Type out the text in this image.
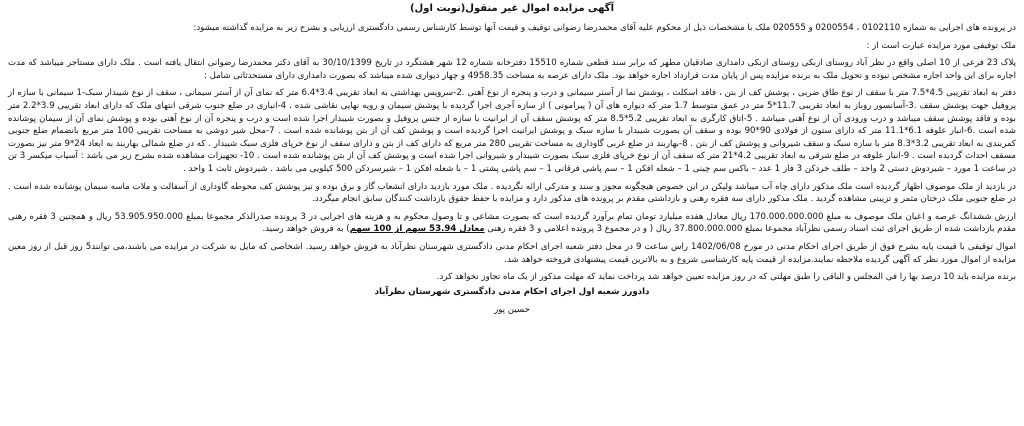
آگهی مزایده اموال غیر منقول(نوبت اول)
در پرونده های اجرایی به شماره 0102110 ، 0200554 و 020555 ملک با مشخصات ذیل از محکوم علیه آقای محمدرضا رضوانی توقیف و قیمت آنها توسط کارشناس رسمی دادگستری ارزیابی و بشرح زیر به مزایده گذاشته میشود:
ملک توقیفی مورد مزایده عبارت است از :
پلاک 23 فرعی از 10 اصلی واقع در نظر آباد روستای ازبکی روستای ازبکی دامداری صادقیان مطهر که برابر سند قطعی شماره 15510 دفترخانه شماره 12 شهر هشتگرد در تاریخ 30/10/1399 به آقای دکتر محمدرضا رضوانی انتقال یافته است . ملک دارای مستاجر میباشد که مدت اجاره برای این واحد اجاره مشخص نبوده و تحویل ملک به برنده مزایده پس از پایان مدت قرارداد اجاره خواهد بود. ملک دارای عرصه به مساحت 4958.35 و چهار دیواری شده میباشد که بصورت دامداری دارای مستحدثاتی شامل :
دفتر به ابعاد تقریبی 4.5*7.5 متر با سقف از نوع طاق ضربی ، پوشش کف از بتن ، فاقد اسکلت ، پوشش نما از آستر سیمانی و درب و پنجره از نوع آهنی .2-سرویس بهداشتی به ابعاد تقریبی 3.4*6.4 متر که نمای آن از آستر سیمانی ، سقف از نوع شیبدار سبک-1 سیمانی با سازه از پروفیل جهت پوشش سقف .3-آسانسور روباز به ابعاد تقریبی 11.7*5 متر در عمق متوسط 1.7 متر که دیواره های آن ( پیرامونی ) از سازه آجری اجرا گردیده با پوشش سیمان و رویه نهایی نقاشی شده . 4-انباری در ضلع جنوب شرقی انتهای ملک که دارای ابعاد تقریبی 3.9*2.2 متر بوده و فاقد پوشش سقف میباشد و درب ورودی آن از نوع آهنی میباشد . 5-اتاق کارگری به ابعاد تقریبی 5.2*8.5 متر که پوشش سقف آن از ایرانیت با سازه از جنس پروفیل و بصورت شیبدار اجرا شده است و درب و پنجره آن از نوع آهنی بوده و پوشش نمای آن از سیمان پوشانده شده است .6-انبار علوفه 6.1*11.1 متر که دارای ستون از فولادی 90*90 بوده و سقف آن بصورت شیبدار با سازه سبک و پوشش ایرانیت اجرا گردیده است و پوشش کف آن از بتن پوشانده شده است . 7-محل شیر دوشی به مساحت تقریبی 100 متر مربع بانضمام ضلع جنوبی کمربندی به ابعاد تقریبی 3.2*8.3 متر با سازه سبک و سقف شیروانی و پوشش کف از بتن . 8-بهاربند در ضلع غربی گاوداری به مساحت تقریبی 280 متر مربع که دارای کف از بتن و دارای سقف از نوع خرپای فلزی سبک شیبدار . که در ضلع شمالی بهاربند به ابعاد 24*9 متر نیز بصورت مسقف احداث گردیده است . 9-انبار علوفه در ضلع شرقی به ابعاد تقریبی 4.2*21 متر که سقف آن از نوع خرپای فلزی سبک بصورت شیبدار و شیروانی اجرا شده است و پوشش کف آن از بتن پوشانده شده است . 10- تجهیزات مشاهده شده بشرح زیر می باشد : آسیاب میکسر 3 تن در ساعت 1 مورد – شیردوش دستی 2 واحد – طلف خردکن 3 فاز 1 عدد – باکس سم چینی 1 – شعله افکن 1 – سم پاشی فرقانی 1 – سم پاشی پشتی 1 – با شعله افکن 1 – شیرسردکن 500 کیلویی می باشد . شیردوش ثابت 1 واحد .
در بازدید از ملک موصوف اظهار گردیده است ملک مذکور دارای چاه آب میباشد ولیکن در این خصوص هیچگونه مجوز و سند و مدرکی ارائه نگردیده . ملک مورد بازدید دارای انشعاب گاز و برق بوده و نیز پوشش کف محوطه گاوداری از آسفالت و ملات ماسه سیمان پوشانده شده است . در ضلع جنوبی ملک درختان مثمر و تزیینی مشاهده گردید . ملک مذکور دارای سه فقره رهنی و بازداشتی مقدم بر پرونده های مذکور دارد و مزایده با حفظ حقوق بازداشت کنندگان سابق انجام میگردد.
ارزش ششدانگ عرصه و اعیان ملک موصوف به مبلغ 170.000.000.000 ریال معادل هفده میلیارد تومان تمام برآورد گردیده است که بصورت مشاعی و تا وصول محکوم به و هزینه های اجرایی در 3 پرونده صدرالذکر مجموعا بمبلغ 53.905.950.000 ریال و همچنین 3 فقره رهنی مقدم بازداشت شده از طریق اجرای ثبت اسناد رسمی نظرآباد مجموعا بمبلغ 37.800.000.000 ریال ( و در مجموع 3 پرونده اعلامی و 3 فقره رهنی معادل 53.94 سهم از 100 سهم) به فروش خواهد رسید.
اموال توقیفی با قیمت پایه بشرح فوق از طریق اجرای احکام مدنی در مورخ 1402/06/08 راس ساعت 9 در محل دفتر شعبه اجرای احکام مدنی دادگستری شهرستان نظرآباد به فروش خواهد رسید. اشخاصی که مایل به شرکت در مزایده می باشند،می توانند5 روز قبل از روز معین مزایده از اموال مورد نظر که آگهی گردیده ملاحظه نمایند.مزایده از قیمت پایه کارشناسی شروع و به بالاترین قیمت پیشنهادی فروخته خواهد شد.
برنده مزایده باید 10 درصد بها را فی المجلس و الباقی را طبق مهلتی که در روز مزایده تعیین خواهد شد پرداخت نماید که مهلت مذکور از یک ماه تجاوز نخواهد کرد.
دادورز شعبه اول اجرای احکام مدنی دادگستری شهرستان نظرآباد
حسین پور
